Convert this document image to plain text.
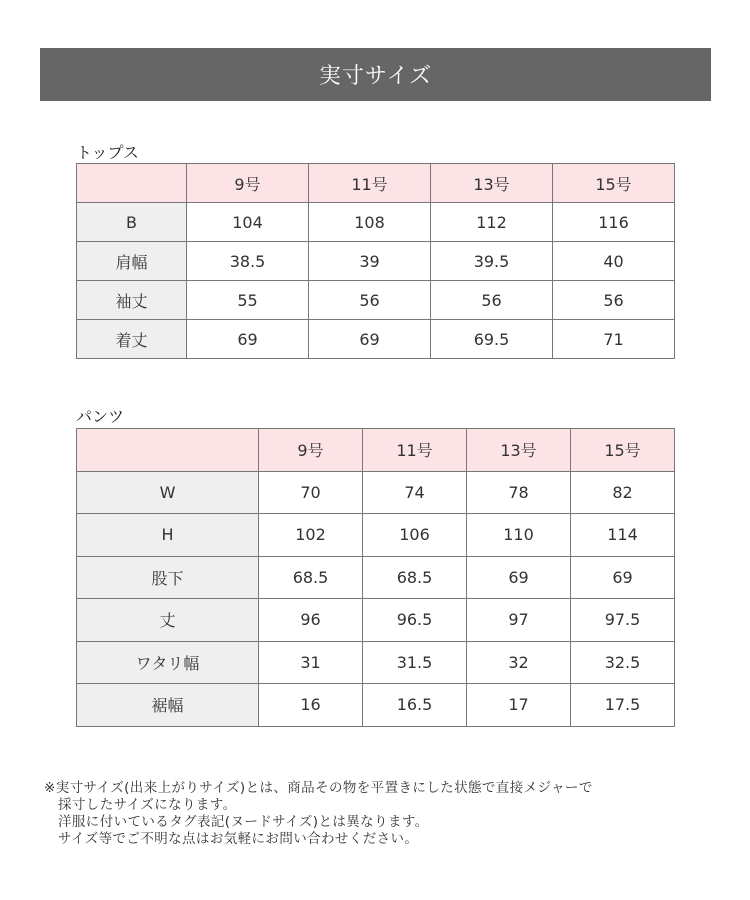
実寸サイズ
トップス
	9号	11号	13号	15号
B	104	108	112	116
肩幅	38.5	39	39.5	40
袖丈	55	56	56	56
着丈	69	69	69.5	71
パンツ
	9号	11号	13号	15号
W	70	74	78	82
H	102	106	110	114
股下	68.5	68.5	69	69
丈	96	96.5	97	97.5
ワタリ幅	31	31.5	32	32.5
裾幅	16	16.5	17	17.5
※実寸サイズ(出来上がりサイズ)とは、商品その物を平置きにした状態で直接メジャーで
採寸したサイズになります。
洋服に付いているタグ表記(ヌードサイズ)とは異なります。
サイズ等でご不明な点はお気軽にお問い合わせください。
